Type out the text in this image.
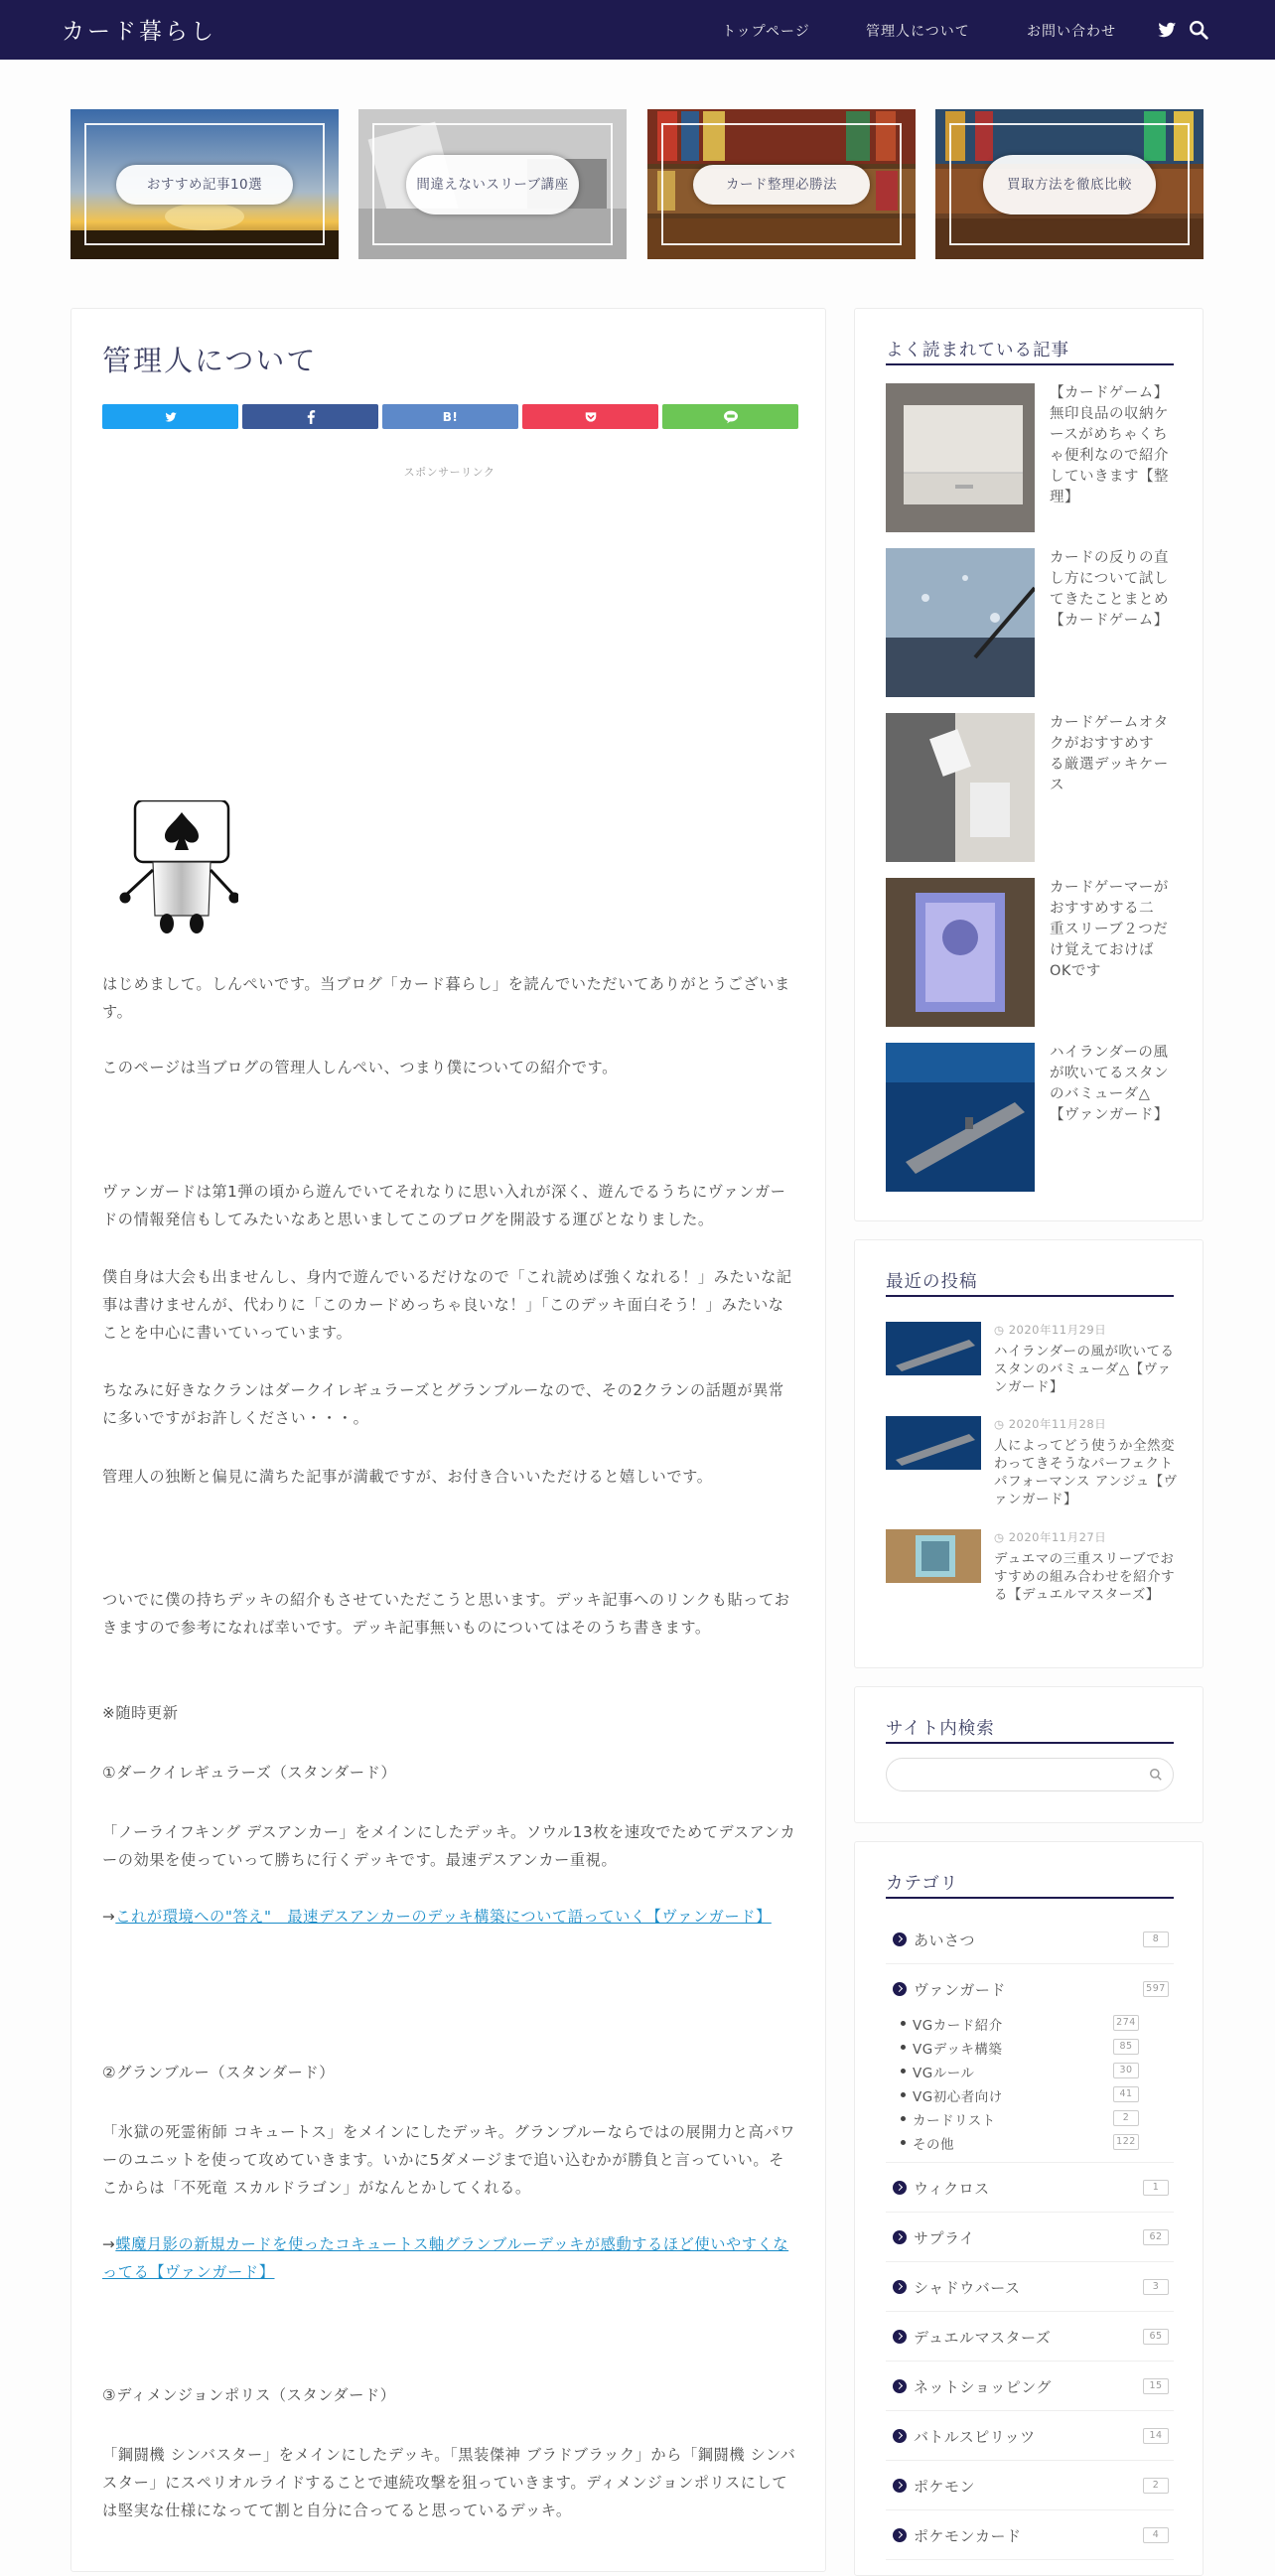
カード暮らし	トップページ	管理人について	お問い合わせ
おすすめ記事10選	間違えないスリーブ講座	カード整理必勝法	買取方法を徹底比較
管理人について
B!
スポンサーリンク
はじめまして。しんぺいです。当ブログ「カード暮らし」を読んでいただいてありがとうございます。
このページは当ブログの管理人しんぺい、つまり僕についての紹介です。
ヴァンガードは第1弾の頃から遊んでいてそれなりに思い入れが深く、遊んでるうちにヴァンガードの情報発信もしてみたいなあと思いましてこのブログを開設する運びとなりました。
僕自身は大会も出ませんし、身内で遊んでいるだけなので「これ読めば強くなれる！」みたいな記事は書けませんが、代わりに「このカードめっちゃ良いな！」「このデッキ面白そう！」みたいなことを中心に書いていっています。
ちなみに好きなクランはダークイレギュラーズとグランブルーなので、その2クランの話題が異常に多いですがお許しください・・・。
管理人の独断と偏見に満ちた記事が満載ですが、お付き合いいただけると嬉しいです。
ついでに僕の持ちデッキの紹介もさせていただこうと思います。デッキ記事へのリンクも貼っておきますので参考になれば幸いです。デッキ記事無いものについてはそのうち書きます。
※随時更新
①ダークイレギュラーズ（スタンダード）
「ノーライフキング デスアンカー」をメインにしたデッキ。ソウル13枚を速攻でためてデスアンカーの効果を使っていって勝ちに行くデッキです。最速デスアンカー重視。
→これが環境への"答え"　最速デスアンカーのデッキ構築について語っていく【ヴァンガード】
②グランブルー（スタンダード）
「氷獄の死霊術師 コキュートス」をメインにしたデッキ。グランブルーならではの展開力と高パワーのユニットを使って攻めていきます。いかに5ダメージまで追い込むかが勝負と言っていい。そこからは「不死竜 スカルドラゴン」がなんとかしてくれる。
→蝶魔月影の新規カードを使ったコキュートス軸グランブルーデッキが感動するほど使いやすくなってる【ヴァンガード】
③ディメンジョンポリス（スタンダード）
「鋼闘機 シンバスター」をメインにしたデッキ。「黒装傑神 ブラドブラック」から「鋼闘機 シンバスター」にスペリオルライドすることで連続攻撃を狙っていきます。ディメンジョンポリスにしては堅実な仕様になってて割と自分に合ってると思っているデッキ。
よく読まれている記事
【カードゲーム】無印良品の収納ケースがめちゃくちゃ便利なので紹介していきます【整理】
カードの反りの直し方について試してきたことまとめ【カードゲーム】
カードゲームオタクがおすすめする厳選デッキケース
カードゲーマーがおすすめする二重スリーブ２つだけ覚えておけばOKです
ハイランダーの風が吹いてるスタンのバミューダ△【ヴァンガード】
最近の投稿
◷ 2020年11月29日
ハイランダーの風が吹いてるスタンのバミューダ△【ヴァンガード】
◷ 2020年11月28日
人によってどう使うか全然変わってきそうなパーフェクトパフォーマンス アンジュ【ヴァンガード】
◷ 2020年11月27日
デュエマの三重スリーブでおすすめの組み合わせを紹介する【デュエルマスターズ】
サイト内検索
カテゴリ
あいさつ	8
ヴァンガード	597
VGカード紹介	274
VGデッキ構築	85
VGルール	30
VG初心者向け	41
カードリスト	2
その他	122
ウィクロス	1
サプライ	62
シャドウバース	3
デュエルマスターズ	65
ネットショッピング	15
バトルスピリッツ	14
ポケモン	2
ポケモンカード	4
